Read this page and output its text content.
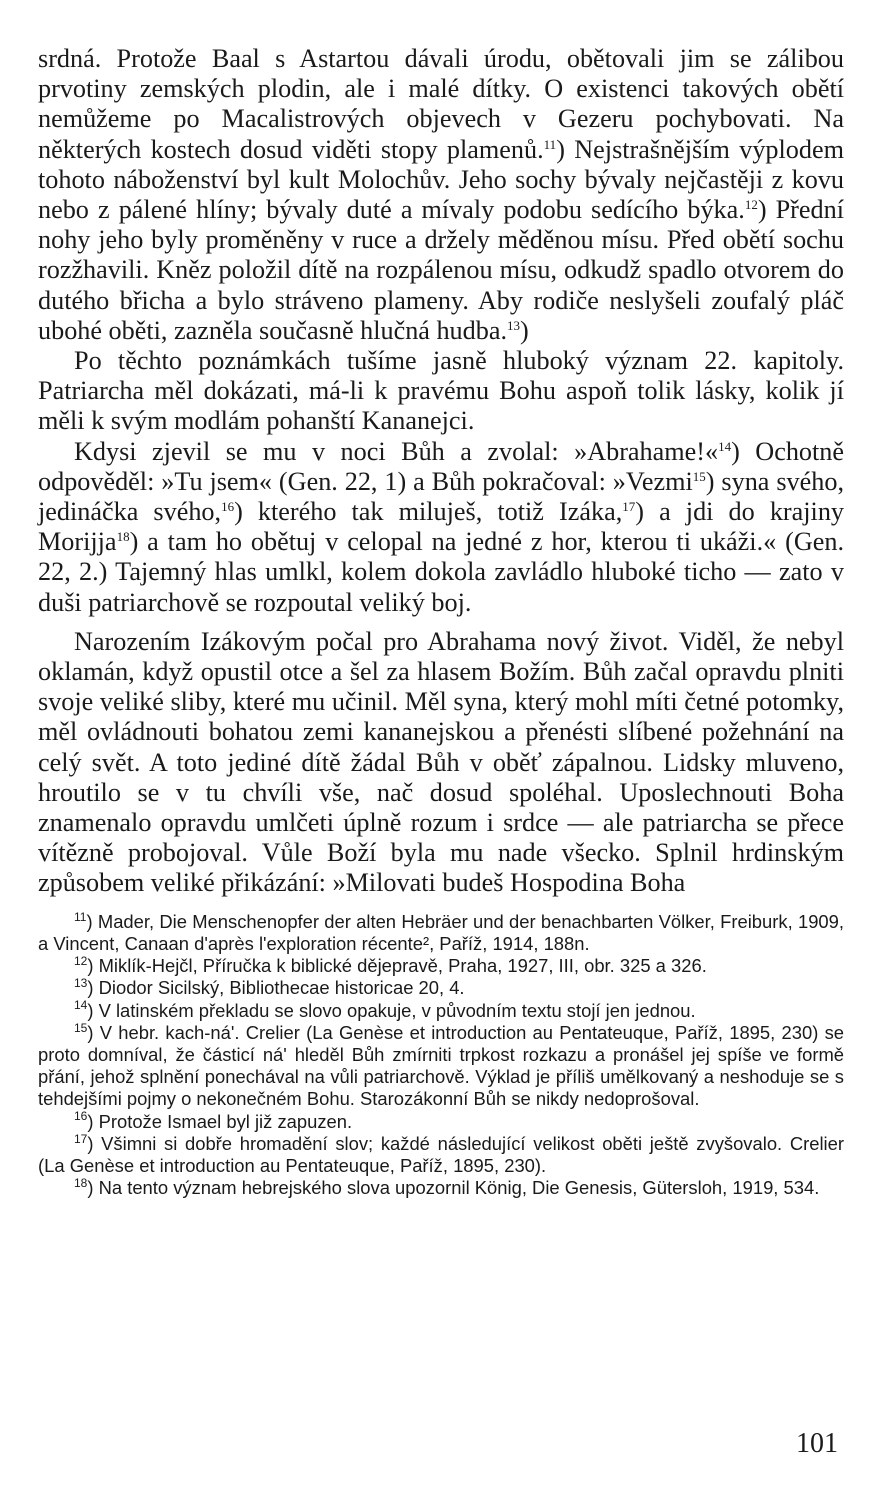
srdná. Protože Baal s Astartou dávali úrodu, obětovali jim se zálibou prvotiny zemských plodin, ale i malé dítky. O existenci takových obětí nemůžeme po Macalistrových objevech v Gezeru pochybovati. Na některých kostech dosud viděti stopy plamenů.$^{11}$) Nejstrašnějším výplodem tohoto náboženství byl kult Molochův. Jeho sochy bývaly nejčastěji z kovu nebo z pálené hlíny; bývaly duté a mívaly podobu sedícího býka.$^{12}$) Přední nohy jeho byly proměněny v ruce a držely měděnou mísu. Před obětí sochu rozžhavili. Kněz položil dítě na rozpálenou mísu, odkudž spadlo otvorem do dutého břicha a bylo stráveno plameny. Aby rodiče neslyšeli zoufalý pláč ubohé oběti, zazněla současně hlučná hudba.$^{13}$)

Po těchto poznámkách tušíme jasně hluboký význam 22. kapitoly. Patriarcha měl dokázati, má-li k pravému Bohu aspoň tolik lásky, kolik jí měli k svým modlám pohanští Kananejci.

Kdysi zjevil se mu v noci Bůh a zvolal: »Abrahame!«$^{14}$) Ochotně odpověděl: »Tu jsem« (Gen. 22, 1) a Bůh pokračoval: »Vezmi$^{15}$) syna svého, jedináčka svého,$^{16}$) kterého tak miluješ, totiž Izáka,$^{17}$) a jdi do krajiny Morijja$^{18}$) a tam ho obětuj v celopal na jedné z hor, kterou ti ukáži.« (Gen. 22, 2.) Tajemný hlas umlkl, kolem dokola zavládlo hluboké ticho — zato v duši patriarchově se rozpoutal veliký boj.

Narozením Izákovým počal pro Abrahama nový život. Viděl, že nebyl oklamán, když opustil otce a šel za hlasem Božím. Bůh začal opravdu plniti svoje veliké sliby, které mu učinil. Měl syna, který mohl míti četné potomky, měl ovládnouti bohatou zemi kananejskou a přenésti slíbené požehnání na celý svět. A toto jediné dítě žádal Bůh v oběť zápalnou. Lidsky mluveno, hroutilo se v tu chvíli vše, nač dosud spoléhal. Uposlechnouti Boha znamenalo opravdu umlčeti úplně rozum i srdce — ale patriarcha se přece vítězně probojoval. Vůle Boží byla mu nade všecko. Splnil hrdinským způsobem veliké přikázání: »Milovati budeš Hospodina Boha

$^{11}$) Mader, Die Menschenopfer der alten Hebräer und der benachbarten Völker, Freiburk, 1909, a Vincent, Canaan d'après l'exploration récente², Paříž, 1914, 188n.

$^{12}$) Miklík-Hejčl, Příručka k biblické dějepravě, Praha, 1927, III, obr. 325 a 326.

$^{13}$) Diodor Sicilský, Bibliothecae historicae 20, 4.

$^{14}$) V latinském překladu se slovo opakuje, v původním textu stojí jen jednou.

$^{15}$) V hebr. kach-ná'. Crelier (La Genèse et introduction au Pentateuque, Paříž, 1895, 230) se proto domníval, že částicí ná' hleděl Bůh zmírniti trpkost rozkazu a pronášel jej spíše ve formě přání, jehož splnění ponechával na vůli patriarchově. Výklad je příliš umělkovaný a neshoduje se s tehdejšími pojmy o nekonečném Bohu. Starozákonní Bůh se nikdy nedoprošoval.

$^{16}$) Protože Ismael byl již zapuzen.

$^{17}$) Všimni si dobře hromadění slov; každé následující velikost oběti ještě zvyšovalo. Crelier (La Genèse et introduction au Pentateuque, Paříž, 1895, 230).

$^{18}$) Na tento význam hebrejského slova upozornil König, Die Genesis, Gütersloh, 1919, 534.

101
